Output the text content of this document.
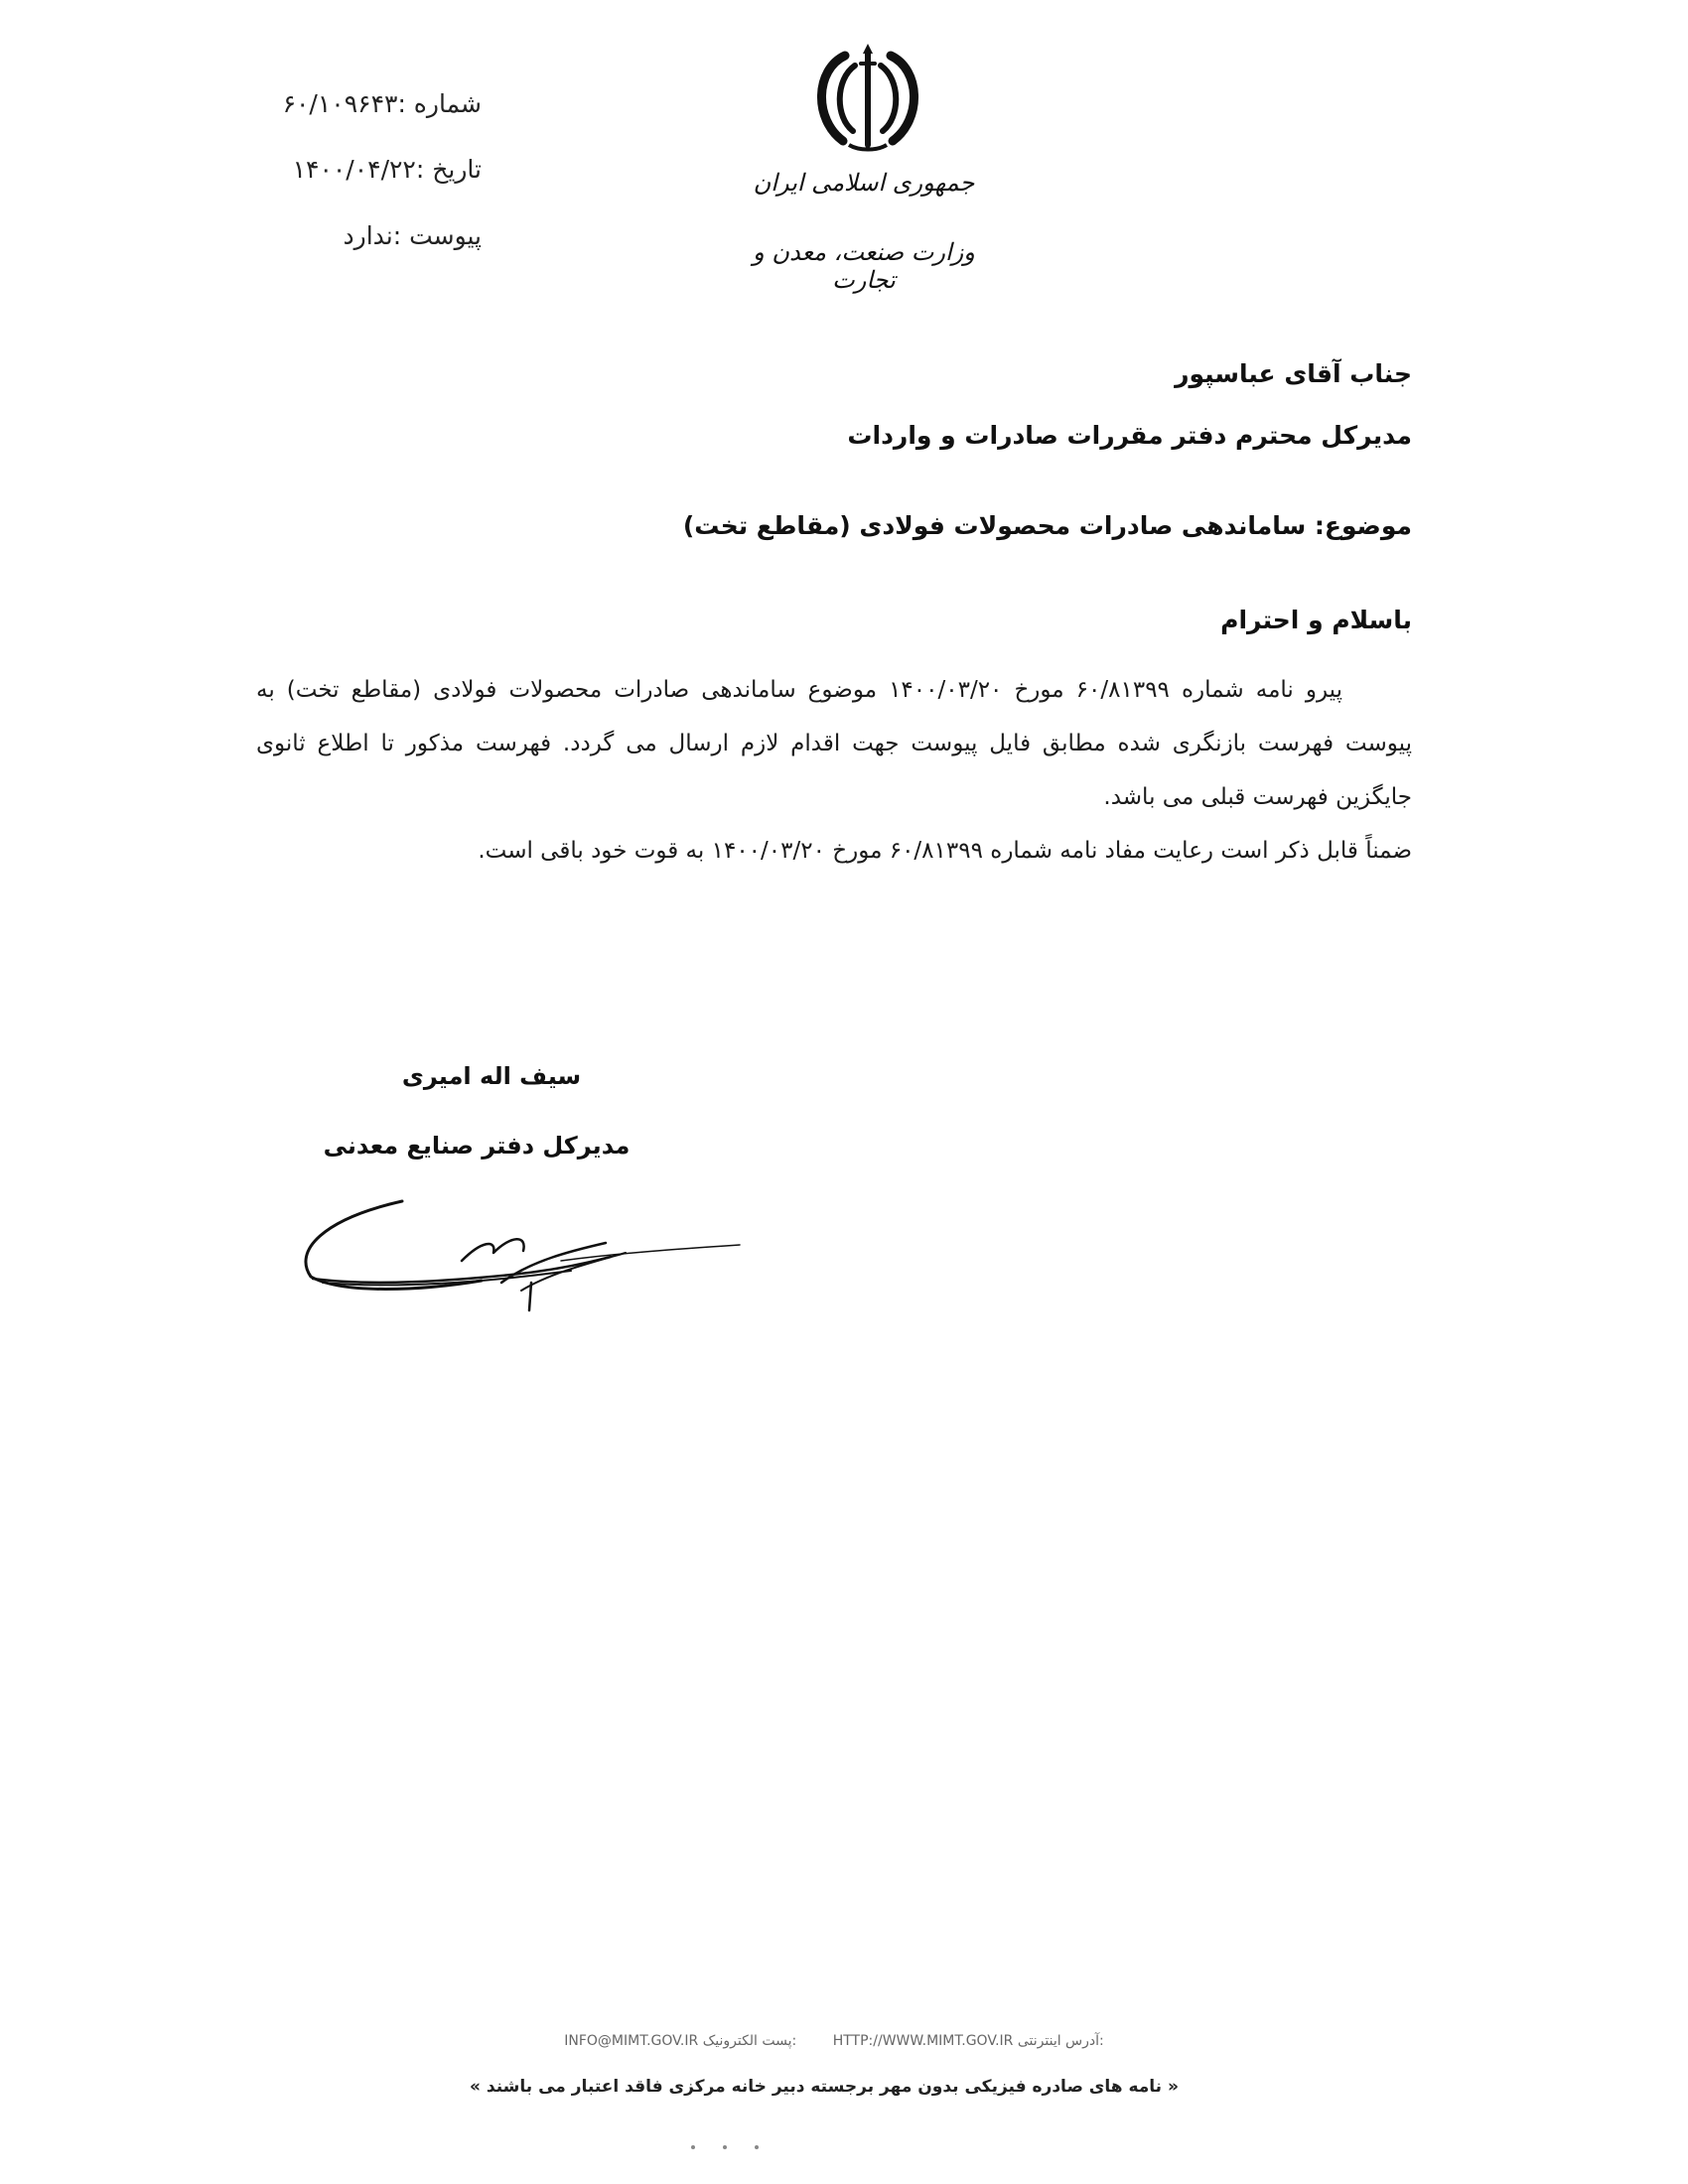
شماره :۶۰/۱۰۹۶۴۳
تاریخ :۱۴۰۰/۰۴/۲۲
پیوست :ندارد
جمهوری اسلامی ایران
وزارت صنعت، معدن و تجارت
جناب آقای عباسپور
مدیرکل محترم دفتر مقررات صادرات و واردات
موضوع: ساماندهی صادرات محصولات فولادی (مقاطع تخت)
باسلام و احترام

پیرو نامه شماره ۶۰/۸۱۳۹۹ مورخ ۱۴۰۰/۰۳/۲۰ موضوع ساماندهی صادرات محصولات فولادی (مقاطع تخت) به پیوست فهرست بازنگری شده مطابق فایل پیوست جهت اقدام لازم ارسال می گردد. فهرست مذکور تا اطلاع ثانوی جایگزین فهرست قبلی می باشد.

ضمناً قابل ذکر است رعایت مفاد نامه شماره ۶۰/۸۱۳۹۹ مورخ ۱۴۰۰/۰۳/۲۰ به قوت خود باقی است.

سیف اله امیری
مدیرکل دفتر صنایع معدنی
INFO@MIMT.GOV.IR پست الکترونیک:	HTTP://WWW.MIMT.GOV.IR آدرس اینترنتی:
« نامه های صادره فیزیکی بدون مهر برجسته دبیر خانه مرکزی فاقد اعتبار می باشند »
